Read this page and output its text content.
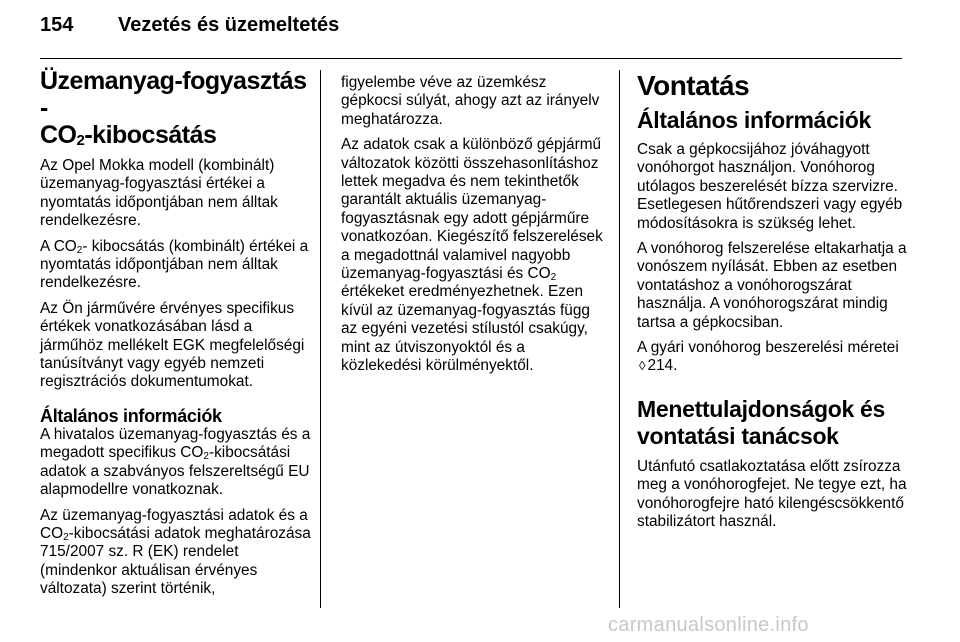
154 Vezetés és üzemeltetés
Üzemanyag-fogyasztás -
$CO_2$-kibocsátás

Az Opel Mokka modell (kombinált) üzemanyag-fogyasztási értékei a nyomtatás időpontjában nem álltak rendelkezésre.

A $CO_2-$ kibocsátás (kombinált) értékei a nyomtatás időpontjában nem álltak rendelkezésre.

Az Ön járművére érvényes specifikus értékek vonatkozásában lásd a járműhöz mellékelt EGK megfelelőségi tanúsítványt vagy egyéb nemzeti regisztrációs dokumentumokat.

Általános információk

A hivatalos üzemanyag-fogyasztás és a megadott specifikus $CO_2$-kibocsátási adatok a szabványos felszereltségű EU alapmodellre vonatkoznak.

Az üzemanyag-fogyasztási adatok és a $CO_2$-kibocsátási adatok meghatározása 715/2007 sz. R (EK) rendelet (mindenkor aktuálisan érvényes változata) szerint történik,

figyelembe véve az üzemkész gépkocsi súlyát, ahogy azt az irányelv meghatározza.

Az adatok csak a különböző gépjármű változatok közötti összehasonlításhoz lettek megadva és nem tekinthetők garantált aktuális üzemanyag-fogyasztásnak egy adott gépjárműre vonatkozóan. Kiegészítő felszerelések a megadottnál valamivel nagyobb üzemanyag-fogyasztási és $CO_2$ értékeket eredményezhetnek. Ezen kívül az üzemanyag-fogyasztás függ az egyéni vezetési stílustól csakúgy, mint az útviszonyoktól és a közlekedési körülményektől.

Vontatás
Általános információk

Csak a gépkocsijához jóváhagyott vonóhorgot használjon. Vonóhorog utólagos beszerelését bízza szervizre. Esetlegesen hűtőrendszeri vagy egyéb módosításokra is szükség lehet.

A vonóhorog felszerelése eltakarhatja a vonószem nyílását. Ebben az esetben vontatáshoz a vonóhorogszárat használja. A vonóhorogszárat mindig tartsa a gépkocsiban.

A gyári vonóhorog beszerelési méretei ◊ 214.

Menettulajdonságok és vontatási tanácsok

Utánfutó csatlakoztatása előtt zsírozza meg a vonóhorogfejet. Ne tegye ezt, ha vonóhorogfejre ható kilengéscsökkentő stabilizátort használ.

carmanualsonline.info
